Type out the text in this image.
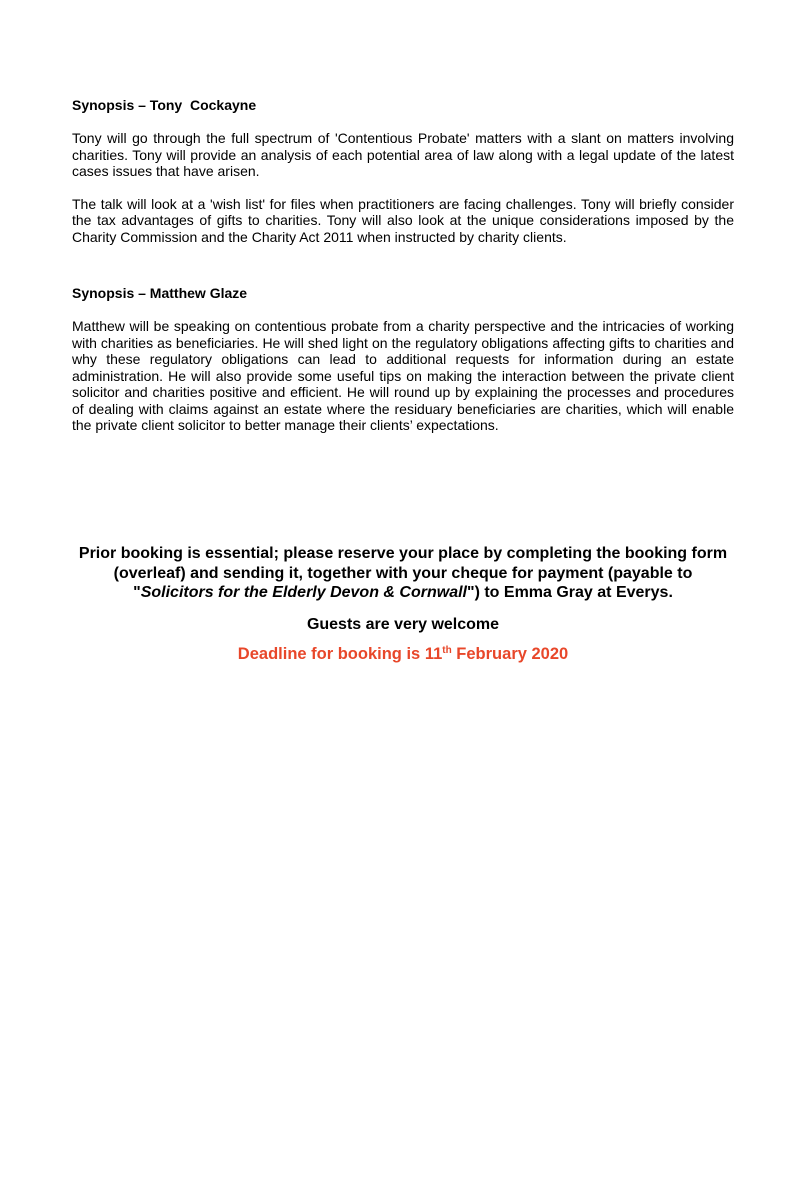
Synopsis – Tony  Cockayne

Tony will go through the full spectrum of 'Contentious Probate' matters with a slant on matters involving charities. Tony will provide an analysis of each potential area of law along with a legal update of the latest cases issues that have arisen.

The talk will look at a 'wish list' for files when practitioners are facing challenges. Tony will briefly consider the tax advantages of gifts to charities. Tony will also look at the unique considerations imposed by the Charity Commission and the Charity Act 2011 when instructed by charity clients.

Synopsis – Matthew Glaze

Matthew will be speaking on contentious probate from a charity perspective and the intricacies of working with charities as beneficiaries. He will shed light on the regulatory obligations affecting gifts to charities and why these regulatory obligations can lead to additional requests for information during an estate administration. He will also provide some useful tips on making the interaction between the private client solicitor and charities positive and efficient. He will round up by explaining the processes and procedures of dealing with claims against an estate where the residuary beneficiaries are charities, which will enable the private client solicitor to better manage their clients’ expectations.

Prior booking is essential; please reserve your place by completing the booking form (overleaf) and sending it, together with your cheque for payment (payable to "Solicitors for the Elderly Devon & Cornwall") to Emma Gray at Everys.

Guests are very welcome

Deadline for booking is 11th February 2020
